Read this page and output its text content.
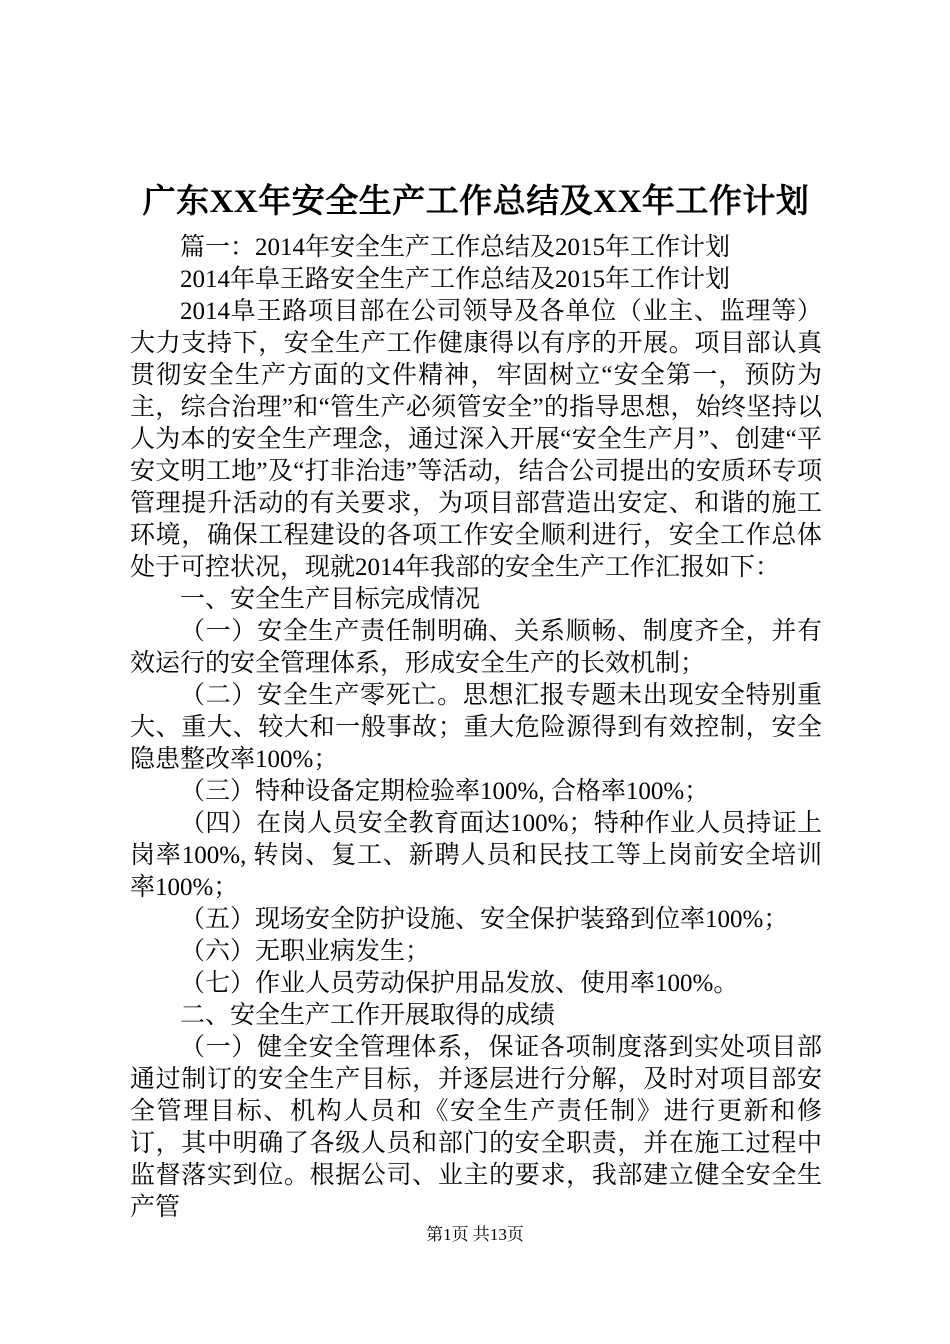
广东XX年安全生产工作总结及XX年工作计划

篇一：2014年安全生产工作总结及2015年工作计划

2014年阜王路安全生产工作总结及2015年工作计划

2014阜王路项目部在公司领导及各单位（业主、监理等）大力支持下，安全生产工作健康得以有序的开展。项目部认真贯彻安全生产方面的文件精神，牢固树立“安全第一，预防为主，综合治理”和“管生产必须管安全”的指导思想，始终坚持以人为本的安全生产理念，通过深入开展“安全生产月”、创建“平安文明工地”及“打非治违”等活动，结合公司提出的安质环专项管理提升活动的有关要求，为项目部营造出安定、和谐的施工环境，确保工程建设的各项工作安全顺利进行，安全工作总体处于可控状况，现就2014年我部的安全生产工作汇报如下：

一、安全生产目标完成情况

（一）安全生产责任制明确、关系顺畅、制度齐全，并有效运行的安全管理体系，形成安全生产的长效机制；

（二）安全生产零死亡。思想汇报专题未出现安全特别重大、重大、较大和一般事故；重大危险源得到有效控制，安全隐患整改率100%；

（三）特种设备定期检验率100%, 合格率100%；

（四）在岗人员安全教育面达100%；特种作业人员持证上岗率100%, 转岗、复工、新聘人员和民技工等上岗前安全培训率100%；

（五）现场安全防护设施、安全保护装臵到位率100%；

（六）无职业病发生；

（七）作业人员劳动保护用品发放、使用率100%。

二、安全生产工作开展取得的成绩

（一）健全安全管理体系，保证各项制度落到实处项目部通过制订的安全生产目标，并逐层进行分解，及时对项目部安全管理目标、机构人员和《安全生产责任制》进行更新和修订，其中明确了各级人员和部门的安全职责，并在施工过程中监督落实到位。根据公司、业主的要求，我部建立健全安全生产管

第1页 共13页
